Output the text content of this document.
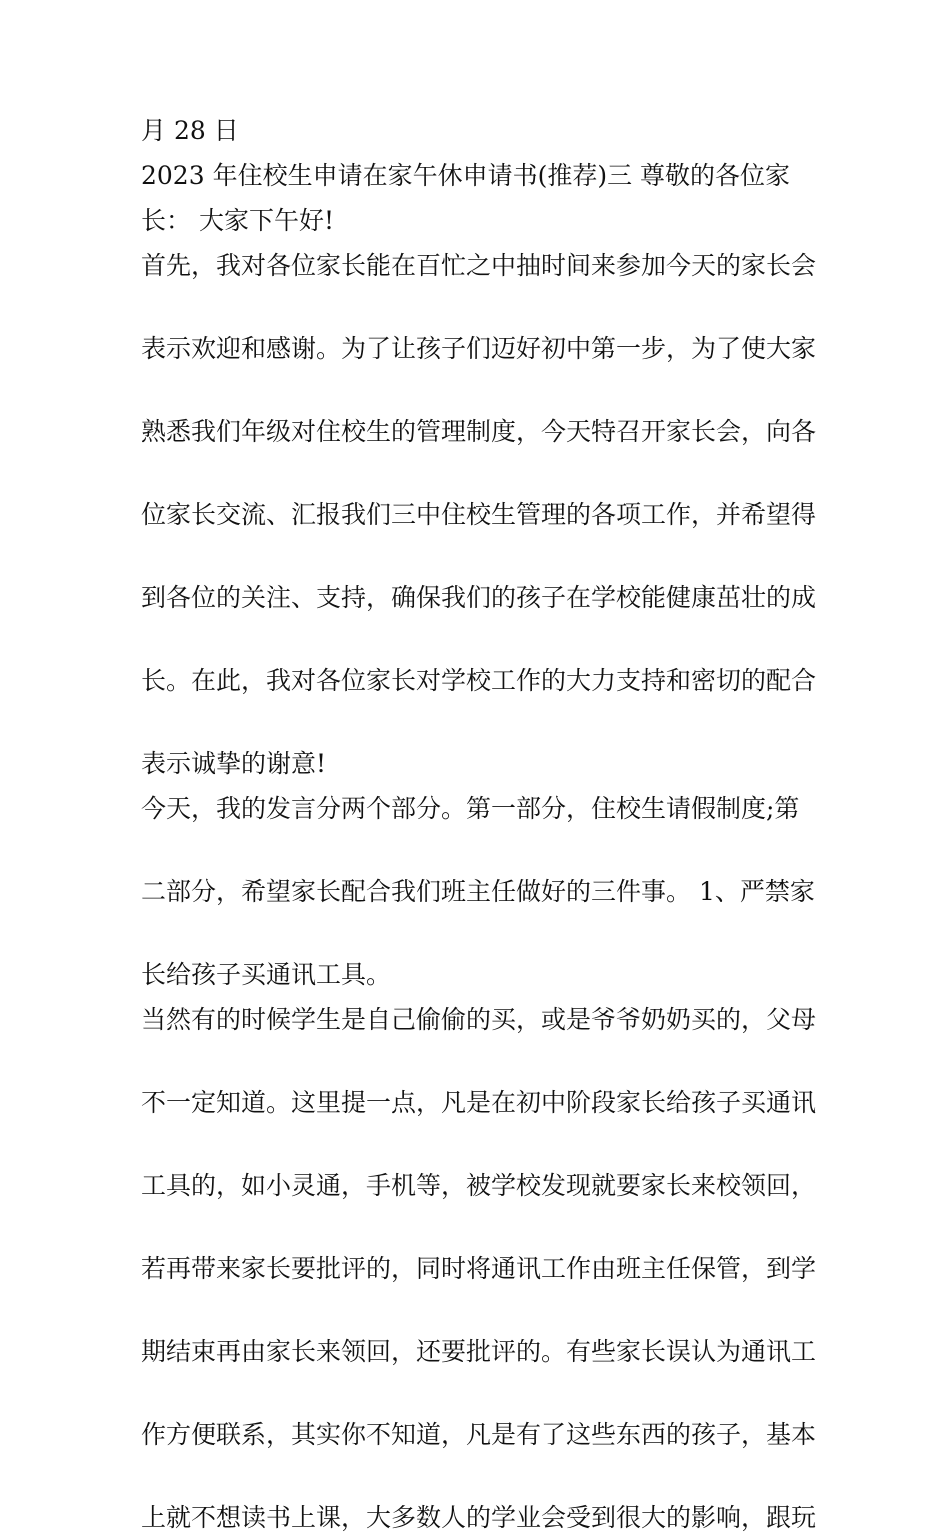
月 28 日
2023 年住校生申请在家午休申请书(推荐)三 尊敬的各位家
长： 大家下午好!
首先，我对各位家长能在百忙之中抽时间来参加今天的家长会
表示欢迎和感谢。为了让孩子们迈好初中第一步，为了使大家
熟悉我们年级对住校生的管理制度，今天特召开家长会，向各
位家长交流、汇报我们三中住校生管理的各项工作，并希望得
到各位的关注、支持，确保我们的孩子在学校能健康茁壮的成
长。在此，我对各位家长对学校工作的大力支持和密切的配合
表示诚挚的谢意!
今天，我的发言分两个部分。第一部分，住校生请假制度;第
二部分，希望家长配合我们班主任做好的三件事。 1、严禁家
长给孩子买通讯工具。
当然有的时候学生是自己偷偷的买，或是爷爷奶奶买的，父母
不一定知道。这里提一点，凡是在初中阶段家长给孩子买通讯
工具的，如小灵通，手机等，被学校发现就要家长来校领回，
若再带来家长要批评的，同时将通讯工作由班主任保管，到学
期结束再由家长来领回，还要批评的。有些家长误认为通讯工
作方便联系，其实你不知道，凡是有了这些东西的孩子，基本
上就不想读书上课，大多数人的学业会受到很大的影响，跟玩
